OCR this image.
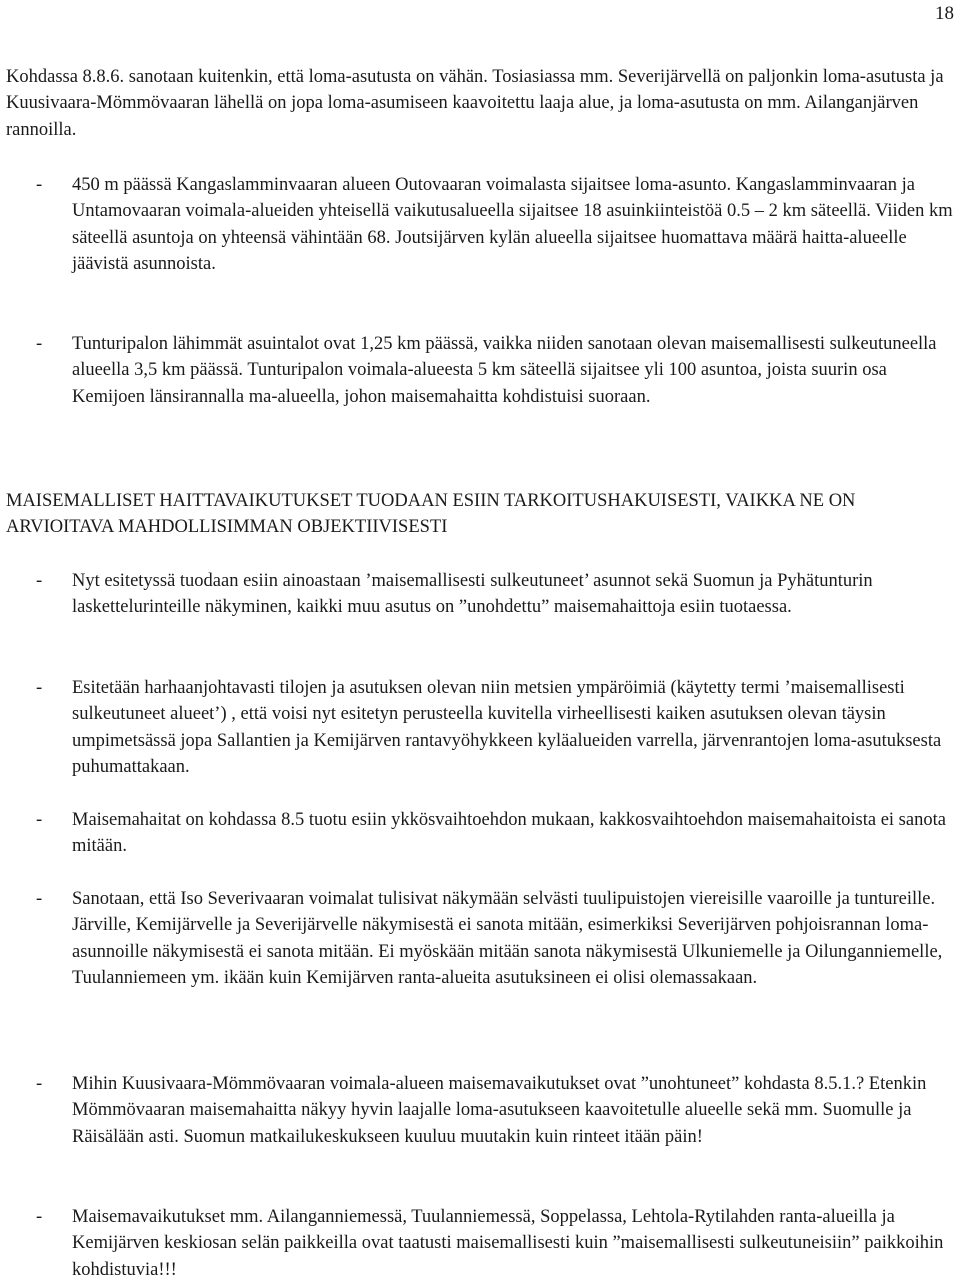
18

Kohdassa 8.8.6. sanotaan kuitenkin, että loma-asutusta on vähän. Tosiasiassa mm. Severijärvellä on paljonkin loma-asutusta ja Kuusivaara-Mömmövaaran lähellä on jopa loma-asumiseen kaavoitettu laaja alue, ja loma-asutusta on mm. Ailanganjärven rannoilla.

- 450 m päässä Kangaslamminvaaran alueen Outovaaran voimalasta sijaitsee loma-asunto. Kangaslamminvaaran ja Untamovaaran voimala-alueiden yhteisellä vaikutusalueella sijaitsee 18 asuinkiinteistöä 0.5 – 2 km säteellä. Viiden km säteellä asuntoja on yhteensä vähintään 68. Joutsijärven kylän alueella sijaitsee huomattava määrä haitta-alueelle jäävistä asunnoista.

- Tunturipalon lähimmät asuintalot ovat 1,25 km päässä, vaikka niiden sanotaan olevan maisemallisesti sulkeutuneella alueella 3,5 km päässä. Tunturipalon voimala-alueesta 5 km säteellä sijaitsee yli 100 asuntoa, joista suurin osa Kemijoen länsirannalla ma-alueella, johon maisemahaitta kohdistuisi suoraan.

MAISEMALLISET HAITTAVAIKUTUKSET TUODAAN ESIIN TARKOITUSHAKUISESTI, VAIKKA NE ON ARVIOITAVA MAHDOLLISIMMAN OBJEKTIIVISESTI

- Nyt esitetyssä tuodaan esiin ainoastaan ’maisemallisesti sulkeutuneet’ asunnot sekä Suomun ja Pyhätunturin laskettelurinteille näkyminen, kaikki muu asutus on ”unohdettu” maisemahaittoja esiin tuotaessa.

- Esitetään harhaanjohtavasti tilojen ja asutuksen olevan niin metsien ympäröimiä (käytetty termi ’maisemallisesti sulkeutuneet alueet’) , että voisi nyt esitetyn perusteella kuvitella virheellisesti kaiken asutuksen olevan täysin umpimetsässä jopa Sallantien ja Kemijärven rantavyöhykkeen kyläalueiden varrella, järvenrantojen loma-asutuksesta puhumattakaan.

- Maisemahaitat on kohdassa 8.5 tuotu esiin ykkösvaihtoehdon mukaan, kakkosvaihtoehdon maisemahaitoista ei sanota mitään.

- Sanotaan, että Iso Severivaaran voimalat tulisivat näkymään selvästi tuulipuistojen viereisille vaaroille ja tuntureille. Järville, Kemijärvelle ja Severijärvelle näkymisestä ei sanota mitään, esimerkiksi Severijärven pohjoisrannan loma-asunnoille näkymisestä ei sanota mitään. Ei myöskään mitään sanota näkymisestä Ulkuniemelle ja Oilunganniemelle, Tuulanniemeen ym. ikään kuin Kemijärven ranta-alueita asutuksineen ei olisi olemassakaan.

- Mihin Kuusivaara-Mömmövaaran voimala-alueen maisemavaikutukset ovat ”unohtuneet” kohdasta 8.5.1.? Etenkin Mömmövaaran maisemahaitta näkyy hyvin laajalle loma-asutukseen kaavoitetulle alueelle sekä mm. Suomulle ja Räisälään asti. Suomun matkailukeskukseen kuuluu muutakin kuin rinteet itään päin!

- Maisemavaikutukset mm. Ailanganniemessä, Tuulanniemessä, Soppelassa, Lehtola-Rytilahden ranta-alueilla ja Kemijärven keskiosan selän paikkeilla ovat taatusti maisemallisesti kuin ”maisemallisesti sulkeutuneisiin” paikkoihin kohdistuvia!!!
